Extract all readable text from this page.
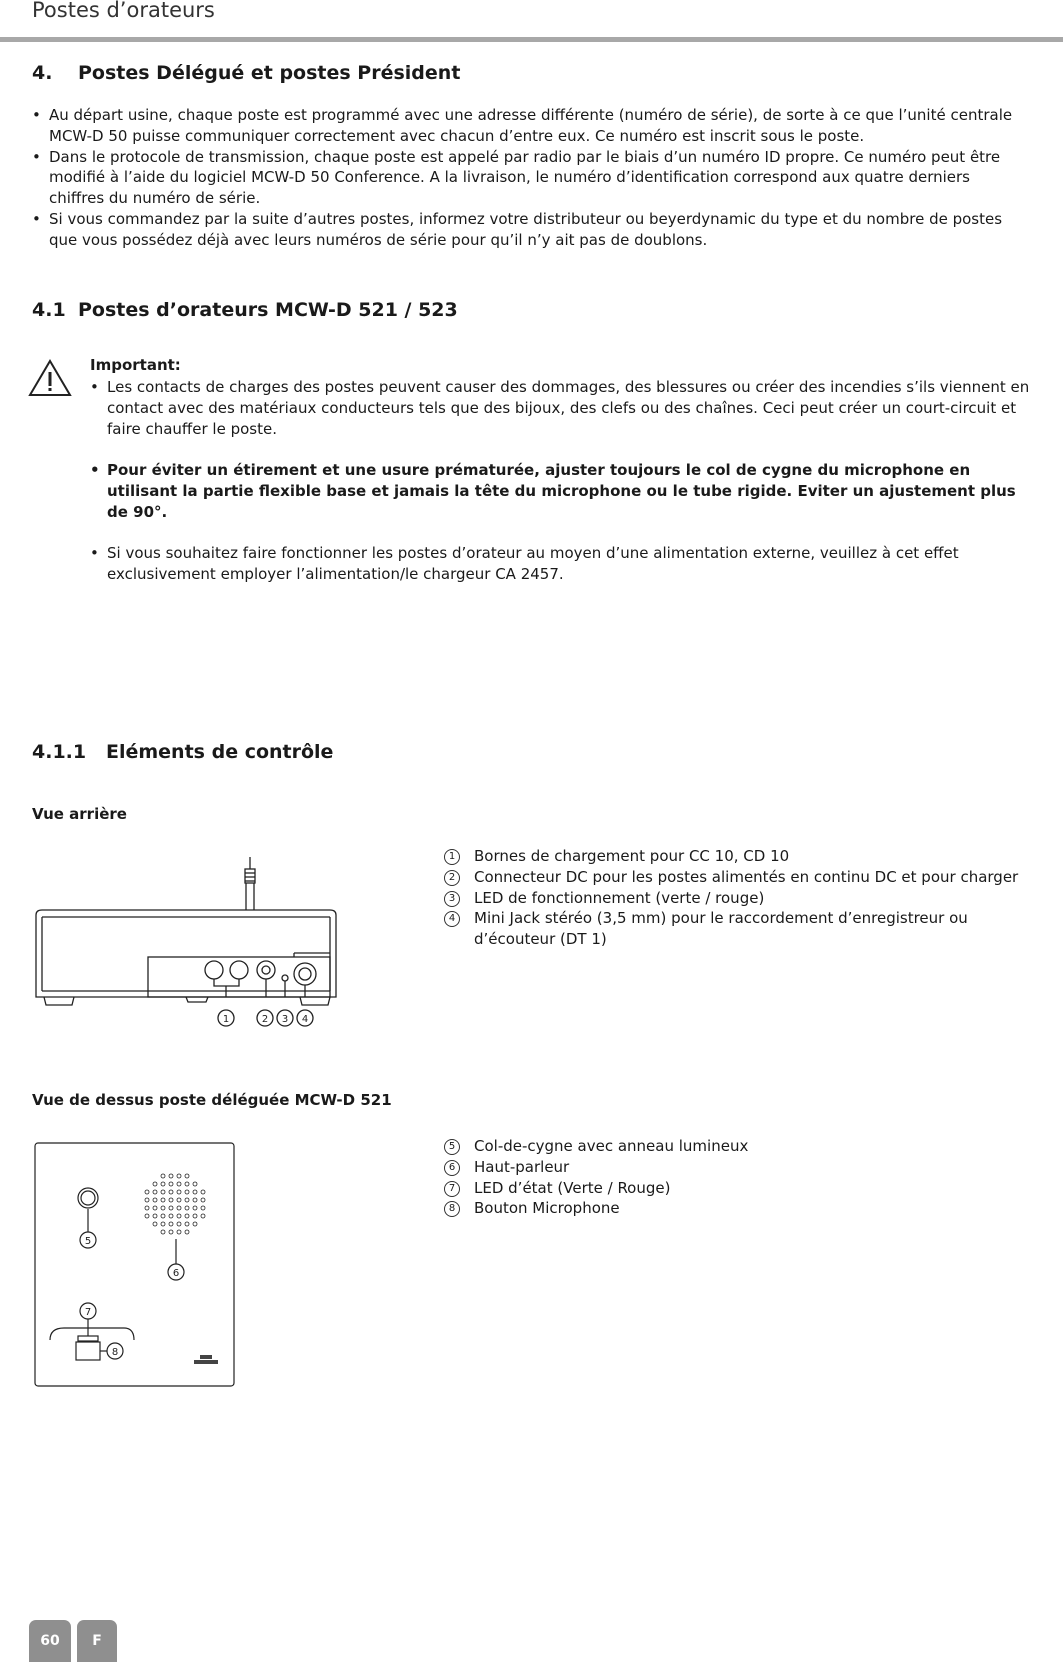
Postes d’orateurs
4. Postes Délégué et postes Président
• Au départ usine, chaque poste est programmé avec une adresse différente (numéro de série), de sorte à ce que l’unité centrale MCW-D 50 puisse communiquer correctement avec chacun d’entre eux. Ce numéro est inscrit sous le poste.
• Dans le protocole de transmission, chaque poste est appelé par radio par le biais d’un numéro ID propre. Ce numéro peut être modifié à l’aide du logiciel MCW-D 50 Conference. A la livraison, le numéro d’identification correspond aux quatre derniers chiffres du numéro de série.
• Si vous commandez par la suite d’autres postes, informez votre distributeur ou beyerdynamic du type et du nombre de postes que vous possédez déjà avec leurs numéros de série pour qu’il n’y ait pas de doublons.
4.1 Postes d’orateurs MCW-D 521 / 523
Important:
• Les contacts de charges des postes peuvent causer des dommages, des blessures ou créer des incendies s’ils viennent en contact avec des matériaux conducteurs tels que des bijoux, des clefs ou des chaînes. Ceci peut créer un court-circuit et faire chauffer le poste.
• Pour éviter un étirement et une usure prématurée, ajuster toujours le col de cygne du microphone en utilisant la partie flexible base et jamais la tête du microphone ou le tube rigide. Eviter un ajustement plus de 90°.
• Si vous souhaitez faire fonctionner les postes d’orateur au moyen d’une alimentation externe, veuillez à cet effet exclusivement employer l’alimentation/le chargeur CA 2457.
4.1.1 Eléments de contrôle
Vue arrière
1	2 3 4
1	Bornes de chargement pour CC 10, CD 10
2	Connecteur DC pour les postes alimentés en continu DC et pour charger
3	LED de fonctionnement (verte / rouge)
4	Mini Jack stéréo (3,5 mm) pour le raccordement d’enregistreur ou d’écouteur (DT 1)
Vue de dessus poste déléguée MCW-D 521
5
6
7
8
5	Col-de-cygne avec anneau lumineux
6	Haut-parleur
7	LED d’état (Verte / Rouge)
8	Bouton Microphone
60	F
